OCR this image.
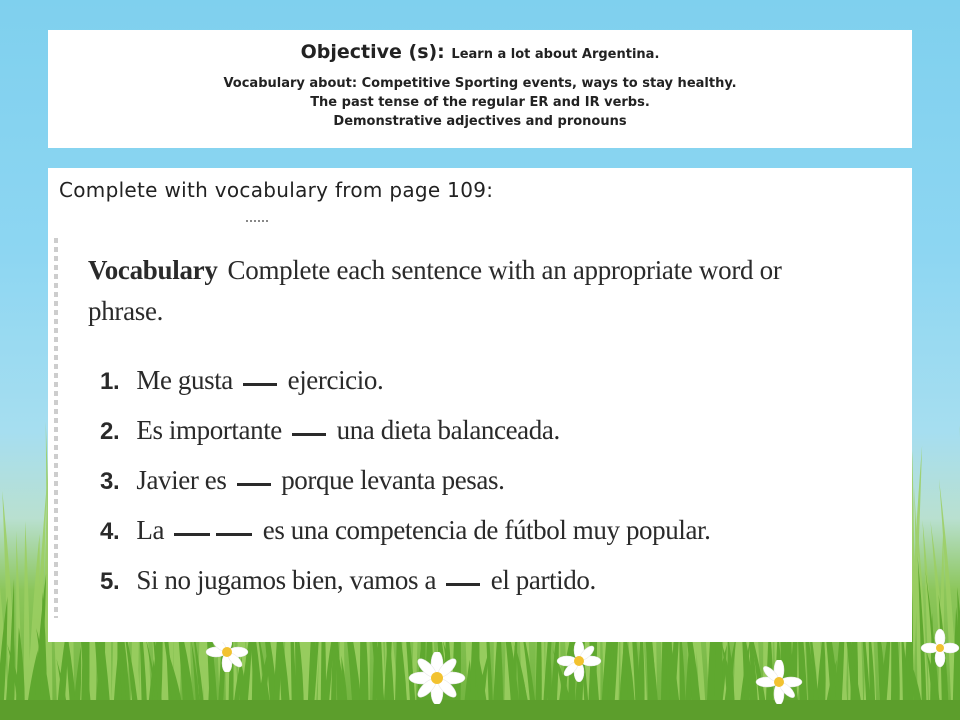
Objective (s): Learn a lot about Argentina.
Vocabulary about: Competitive Sporting events, ways to stay healthy.
The past tense of the regular ER and IR verbs.
Demonstrative adjectives and pronouns
Complete with vocabulary from page 109:
Vocabulary Complete each sentence with an appropriate word or phrase.
1. Me gusta ejercicio.
2. Es importante una dieta balanceada.
3. Javier es porque levanta pesas.
4. La	es una competencia de fútbol muy popular.
5. Si no jugamos bien, vamos a el partido.
